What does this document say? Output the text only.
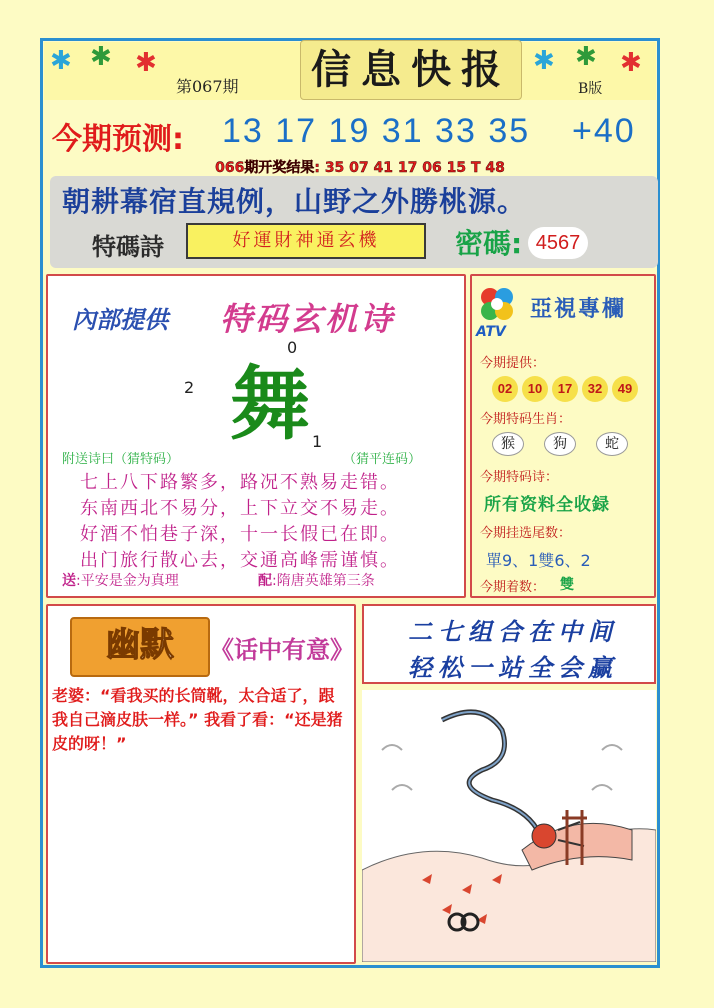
✱ ✱ ✱
第067期 信息快报 ✱ ✱ ✱
B版
今期预测: 13 17 19 31 33 35 +40
066期开奖结果: 35 07 41 17 06 15 T 48
朝耕幕宿直規例，山野之外勝桃源。
特碼詩	好運財神通玄機	密碼: 4567
內部提供 特码玄机诗
0
2 舞 1
附送诗曰（猜特码）	（猜平连码）
七上八下路繁多，路况不熟易走错。
东南西北不易分，上下立交不易走。
好酒不怕巷子深，十一长假已在即。
出门旅行散心去，交通高峰需谨慎。
送 :平安是金为真理	配 :隋唐英雄第三条
ATV
亞視專欄
今期提供：
02	10	17	32	49
今期特码生肖：
猴	狗	蛇
今期特码诗：
所有资料全收録
今期挂选尾数：
單9、1雙6、2
今期着数： 雙
幽默	《话中有意》
老婆：“看我买的长筒靴，太合适了，跟我自己滴皮肤一样。” 我看了看：“还是猪皮的呀！”
二七组合在中间
轻松一站全会赢
